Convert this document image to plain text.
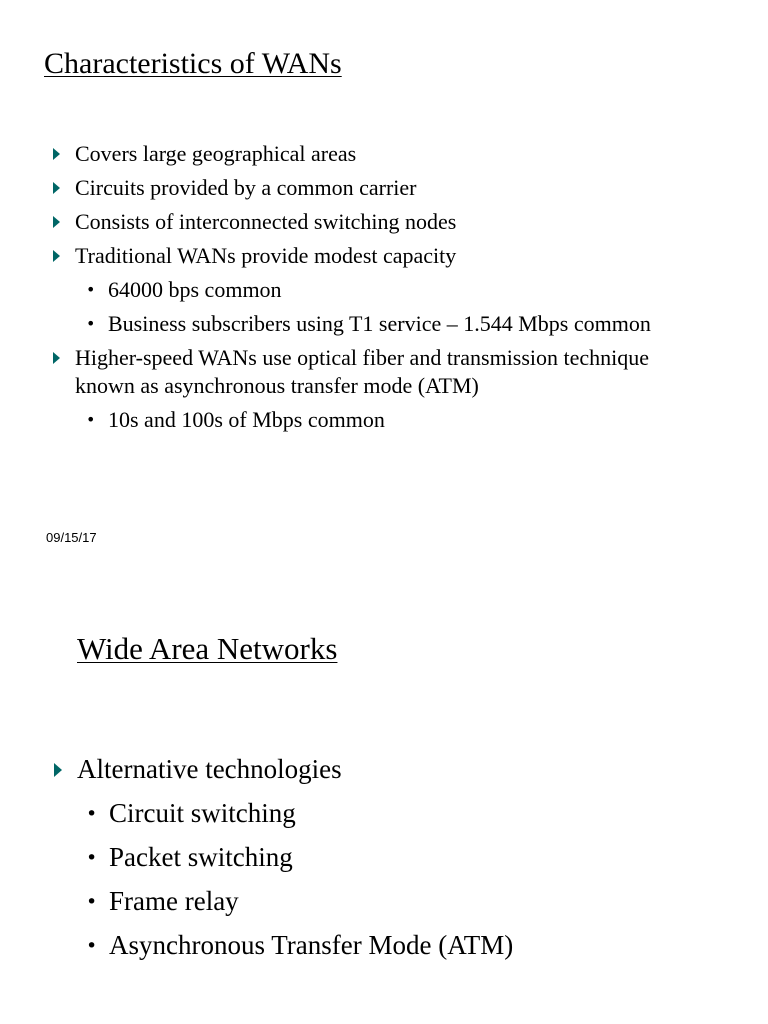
Characteristics of WANs
Covers large geographical areas
Circuits provided by a common carrier
Consists of interconnected switching nodes
Traditional WANs provide modest capacity
• 64000 bps common
• Business subscribers using T1 service – 1.544 Mbps common
Higher-speed WANs use optical fiber and transmission technique known as asynchronous transfer mode (ATM)
• 10s and 100s of Mbps common
09/15/17
Wide Area Networks
Alternative technologies
• Circuit switching
• Packet switching
• Frame relay
• Asynchronous Transfer Mode (ATM)
